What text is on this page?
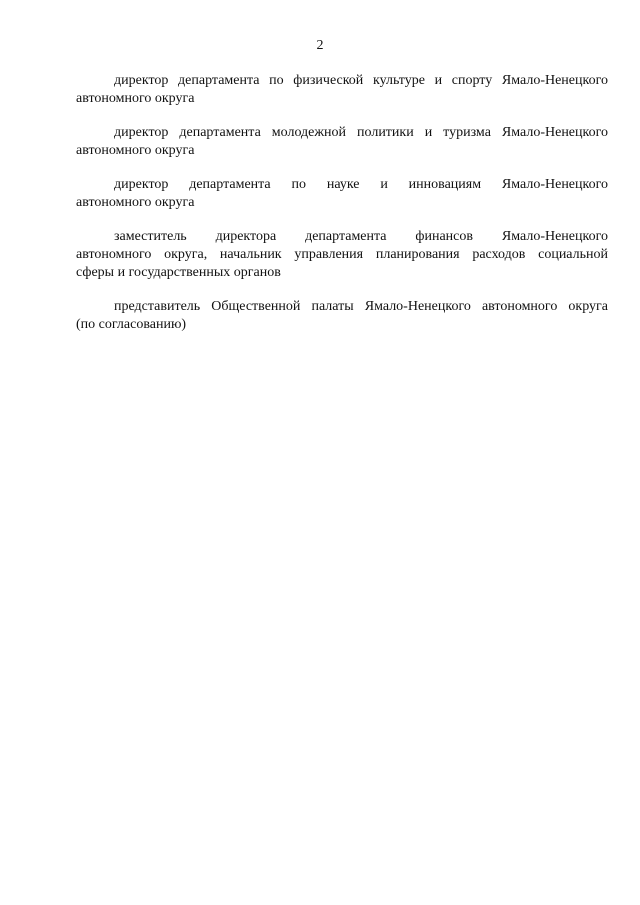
2
директор департамента по физической культуре и спорту Ямало-Ненецкого
автономного округа
директор департамента молодежной политики и туризма Ямало-Ненецкого
автономного округа
директор департамента по науке и инновациям Ямало-Ненецкого
автономного округа
заместитель директора департамента финансов Ямало-Ненецкого
автономного округа, начальник управления планирования расходов социальной
сферы и государственных органов
представитель Общественной палаты Ямало-Ненецкого автономного округа
(по согласованию)
